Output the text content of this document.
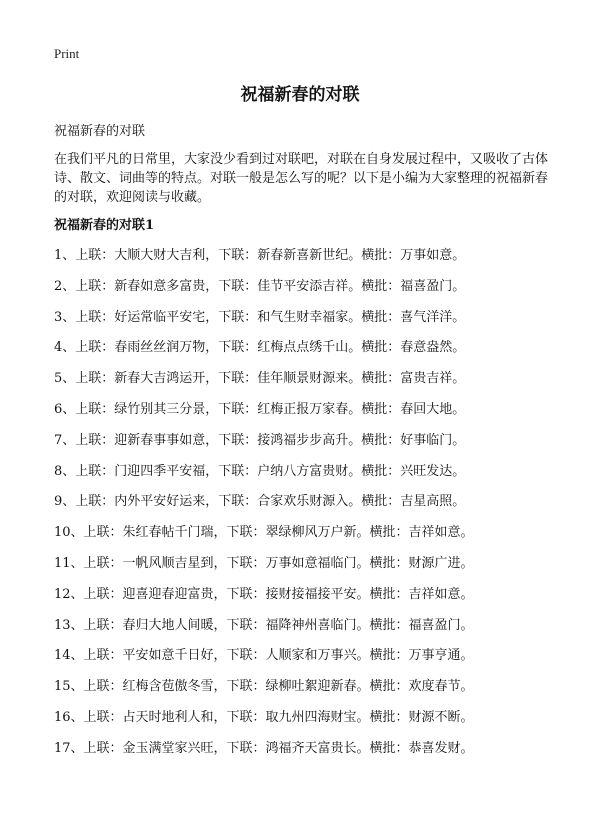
Print
祝福新春的对联
祝福新春的对联

在我们平凡的日常里，大家没少看到过对联吧，对联在自身发展过程中，又吸收了古体诗、散文、词曲等的特点。对联一般是怎么写的呢？以下是小编为大家整理的祝福新春的对联，欢迎阅读与收藏。

祝福新春的对联1
1、上联：大顺大财大吉利，下联：新春新喜新世纪。横批：万事如意。
2、上联：新春如意多富贵，下联：佳节平安添吉祥。横批：福喜盈门。
3、上联：好运常临平安宅，下联：和气生财幸福家。横批：喜气洋洋。
4、上联：春雨丝丝润万物，下联：红梅点点绣千山。横批：春意盎然。
5、上联：新春大吉鸿运开，下联：佳年顺景财源来。横批：富贵吉祥。
6、上联：绿竹别其三分景，下联：红梅正报万家春。横批：春回大地。
7、上联：迎新春事事如意，下联：接鸿福步步高升。横批：好事临门。
8、上联：门迎四季平安福，下联：户纳八方富贵财。横批：兴旺发达。
9、上联：内外平安好运来，下联：合家欢乐财源入。横批：吉星高照。
10、上联：朱红春帖千门瑞，下联：翠绿柳风万户新。横批：吉祥如意。
11、上联：一帆风顺吉星到，下联：万事如意福临门。横批：财源广进。
12、上联：迎喜迎春迎富贵，下联：接财接福接平安。横批：吉祥如意。
13、上联：春归大地人间暖，下联：福降神州喜临门。横批：福喜盈门。
14、上联：平安如意千日好，下联：人顺家和万事兴。横批：万事亨通。
15、上联：红梅含苞傲冬雪，下联：绿柳吐絮迎新春。横批：欢度春节。
16、上联：占天时地利人和，下联：取九州四海财宝。横批：财源不断。
17、上联：金玉满堂家兴旺，下联：鸿福齐天富贵长。横批：恭喜发财。
